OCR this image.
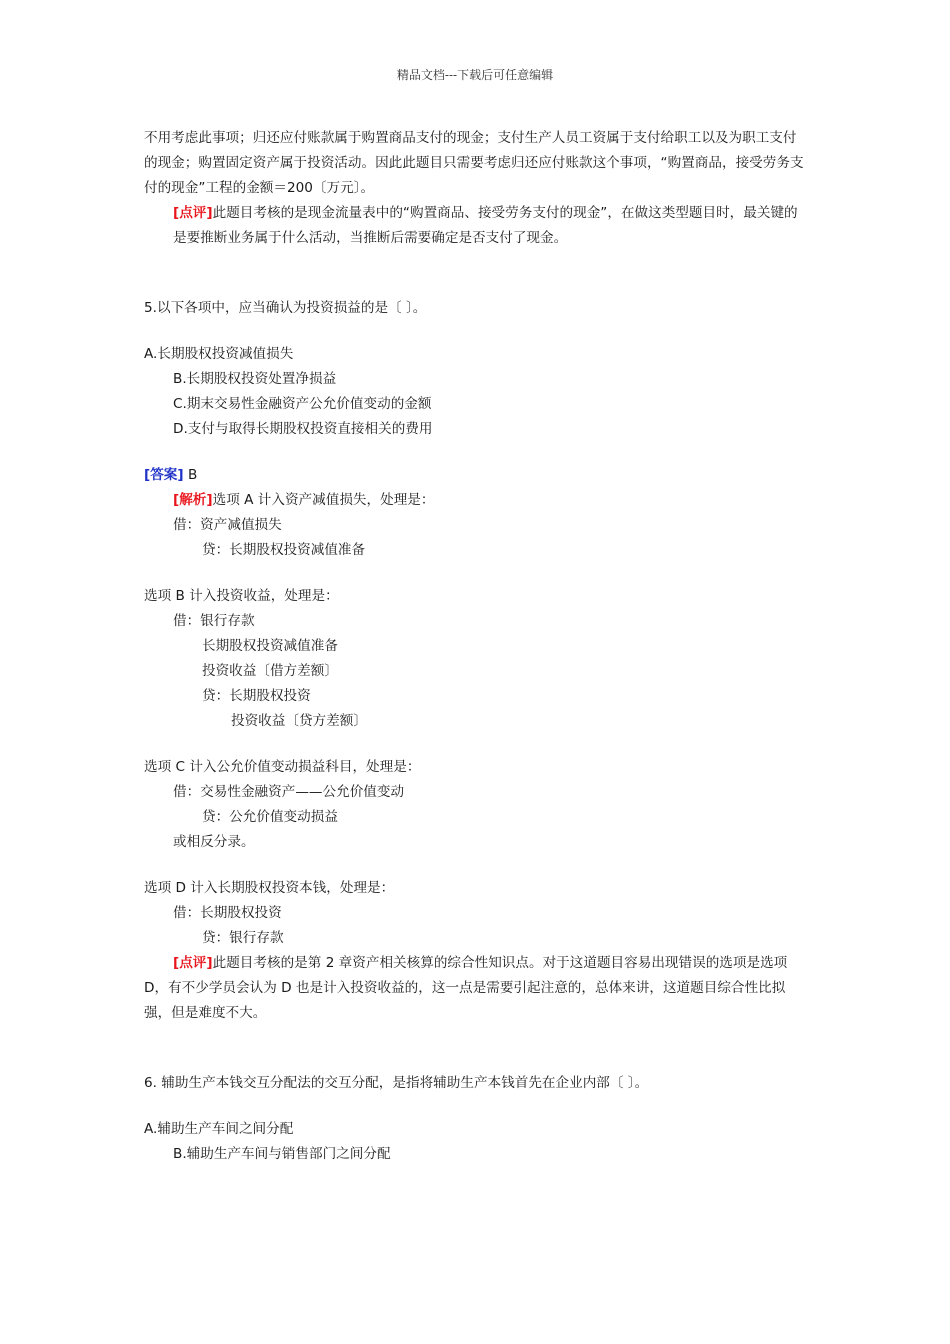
精品文档---下载后可任意编辑
不用考虑此事项；归还应付账款属于购置商品支付的现金；支付生产人员工资属于支付给职工以及为职工支付的现金；购置固定资产属于投资活动。因此此题目只需要考虑归还应付账款这个事项，“购置商品，接受劳务支付的现金”工程的金额＝200〔万元〕。
[点评]此题目考核的是现金流量表中的“购置商品、接受劳务支付的现金”，在做这类型题目时，最关键的是要推断业务属于什么活动，当推断后需要确定是否支付了现金。
5.以下各项中，应当确认为投资损益的是〔 〕。
A.长期股权投资减值损失
B.长期股权投资处置净损益
C.期末交易性金融资产公允价值变动的金额
D.支付与取得长期股权投资直接相关的费用
[答案] B
[解析]选项 A 计入资产减值损失，处理是：
借：资产减值损失
贷：长期股权投资减值准备
选项 B 计入投资收益，处理是：
借：银行存款
长期股权投资减值准备
投资收益〔借方差额〕
贷：长期股权投资
投资收益〔贷方差额〕
选项 C 计入公允价值变动损益科目，处理是：
借：交易性金融资产——公允价值变动
贷：公允价值变动损益
或相反分录。
选项 D 计入长期股权投资本钱，处理是：
借：长期股权投资
贷：银行存款
[点评]此题目考核的是第 2 章资产相关核算的综合性知识点。对于这道题目容易出现错误的选项是选项 D，有不少学员会认为 D 也是计入投资收益的，这一点是需要引起注意的，总体来讲，这道题目综合性比拟强，但是难度不大。
6. 辅助生产本钱交互分配法的交互分配，是指将辅助生产本钱首先在企业内部〔 〕。
A.辅助生产车间之间分配
B.辅助生产车间与销售部门之间分配
